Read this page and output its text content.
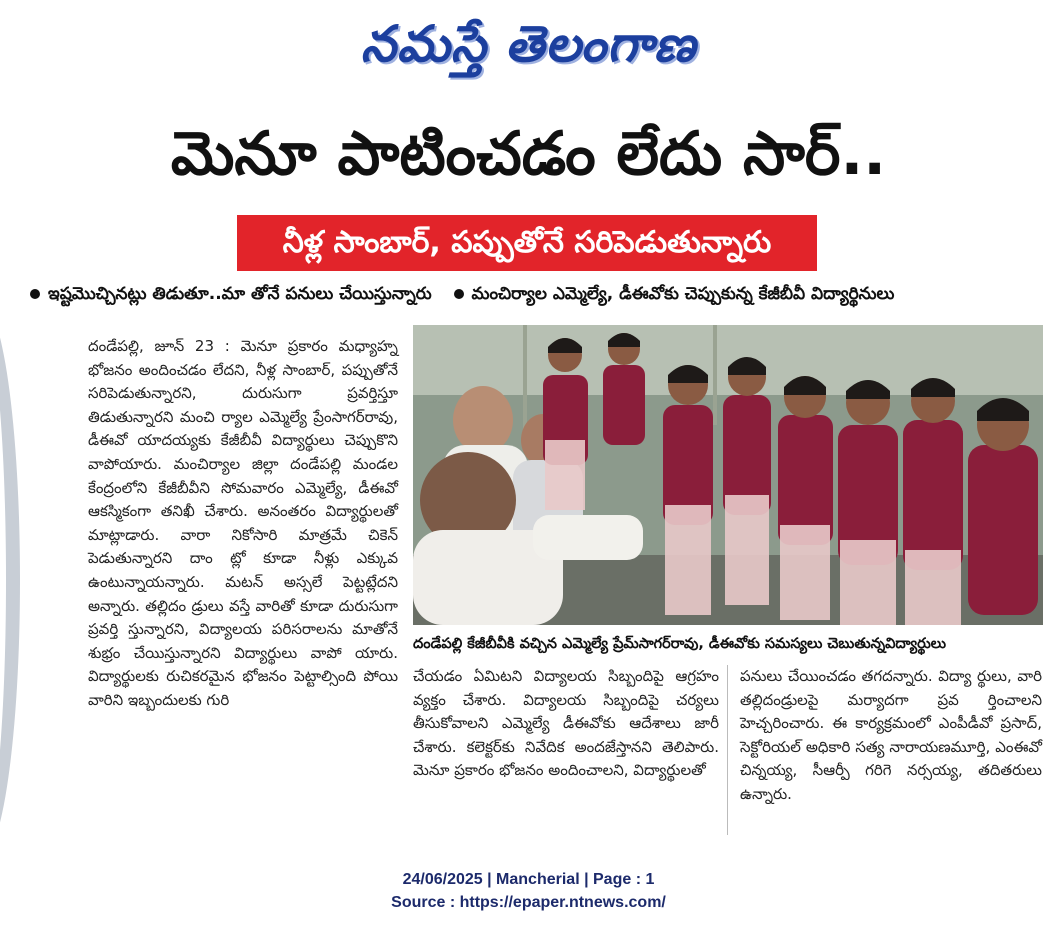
నమస్తే తెలంగాణ
మెనూ పాటించడం లేదు సార్..
నీళ్ల సాంబార్, పప్పుతోనే సరిపెడుతున్నారు
ఇష్టమొచ్చినట్లు తిడుతూ..మా తోనే పనులు చేయిస్తున్నారు మంచిర్యాల ఎమ్మెల్యే, డీఈవోకు చెప్పుకున్న కేజీబీవీ విద్యార్థినులు

దండేపల్లి, జూన్ 23 : మెనూ ప్రకారం మధ్యాహ్న భోజనం అందించడం లేదని, నీళ్ల సాంబార్, పప్పుతోనే సరిపెడుతున్నారని, దురుసుగా ప్రవర్తిస్తూ తిడుతున్నారని మంచి ర్యాల ఎమ్మెల్యే ప్రేంసాగర్‌రావు, డీఈవో యాదయ్యకు కేజీబీవీ విద్యార్థులు చెప్పుకొని వాపోయారు. మంచిర్యాల జిల్లా దండేపల్లి మండల కేంద్రంలోని కేజీబీవీని సోమవారం ఎమ్మెల్యే, డీఈవో ఆకస్మికంగా తనిఖీ చేశారు. అనంతరం విద్యార్థులతో మాట్లాడారు. వారా నికోసారి మాత్రమే చికెన్ పెడుతున్నారని దాం ట్లో కూడా నీళ్లు ఎక్కువ ఉంటున్నాయన్నారు. మటన్ అస్సలే పెట్టట్లేదని అన్నారు. తల్లిదం డ్రులు వస్తే వారితో కూడా దురుసుగా ప్రవర్తి స్తున్నారని, విద్యాలయ పరిసరాలను మాతోనే శుభ్రం చేయిస్తున్నారని విద్యార్థులు వాపో యారు. విద్యార్థులకు రుచికరమైన భోజనం పెట్టాల్సింది పోయి వారిని ఇబ్బందులకు గురి

దండేపల్లి కేజీబీవీకి వచ్చిన ఎమ్మెల్యే ప్రేమ్‌సాగర్‌రావు, డీఈవోకు సమస్యలు చెబుతున్నవిద్యార్థులు

చేయడం ఏమిటని విద్యాలయ సిబ్బందిపై ఆగ్రహం వ్యక్తం చేశారు. విద్యాలయ సిబ్బందిపై చర్యలు తీసుకోవాలని ఎమ్మెల్యే డీఈవోకు ఆదేశాలు జారీ చేశారు. కలెక్టర్‌కు నివేదిక అందజేస్తానని తెలిపారు. మెనూ ప్రకారం భోజనం అందించాలని, విద్యార్థులతో

పనులు చేయించడం తగదన్నారు. విద్యా ర్థులు, వారి తల్లిదండ్రులపై మర్యాదగా ప్రవ ర్తించాలని హెచ్చరించారు. ఈ కార్యక్రమంలో ఎంపీడీవో ప్రసాద్, సెక్టోరియల్ అధికారి సత్య నారాయణమూర్తి, ఎంఈవో చిన్నయ్య, సీఆర్పీ గరిగె నర్సయ్య, తదితరులు ఉన్నారు.

24/06/2025 | Mancherial | Page : 1
Source : https://epaper.ntnews.com/
